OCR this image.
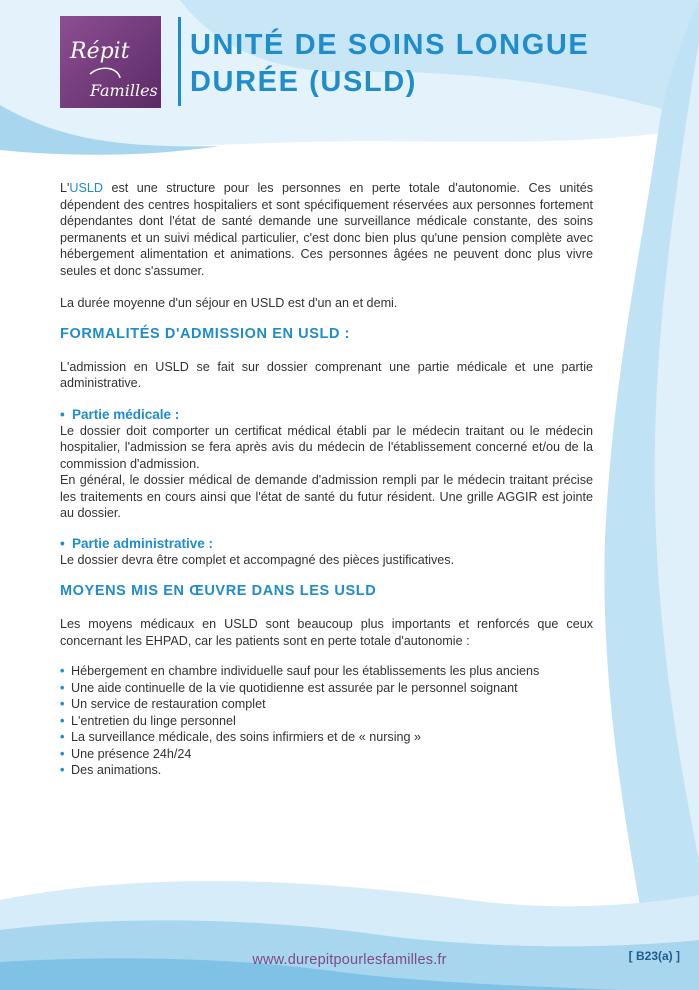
Répit
Familles
UNITÉ DE SOINS LONGUE DURÉE (USLD)

L'USLD est une structure pour les personnes en perte totale d'autonomie. Ces unités dépendent des centres hospitaliers et sont spécifiquement réservées aux personnes fortement dépendantes dont l'état de santé demande une surveillance médicale constante, des soins permanents et un suivi médical particulier, c'est donc bien plus qu'une pension complète avec hébergement alimentation et animations. Ces personnes âgées ne peuvent donc plus vivre seules et donc s'assumer.

La durée moyenne d'un séjour en USLD est d'un an et demi.

FORMALITÉS D'ADMISSION EN USLD :

L'admission en USLD se fait sur dossier comprenant une partie médicale et une partie administrative.

• Partie médicale :

Le dossier doit comporter un certificat médical établi par le médecin traitant ou le médecin hospitalier, l'admission se fera après avis du médecin de l'établissement concerné et/ou de la commission d'admission.

En général, le dossier médical de demande d'admission rempli par le médecin traitant précise les traitements en cours ainsi que l'état de santé du futur résident. Une grille AGGIR est jointe au dossier.

• Partie administrative :

Le dossier devra être complet et accompagné des pièces justificatives.

MOYENS MIS EN ŒUVRE DANS LES USLD

Les moyens médicaux en USLD sont beaucoup plus importants et renforcés que ceux concernant les EHPAD, car les patients sont en perte totale d'autonomie :

• Hébergement en chambre individuelle sauf pour les établissements les plus anciens
• Une aide continuelle de la vie quotidienne est assurée par le personnel soignant
• Un service de restauration complet
• L'entretien du linge personnel
• La surveillance médicale, des soins infirmiers et de « nursing »
• Une présence 24h/24
• Des animations.
www.durepitpourlesfamilles.fr	[ B23(a) ]
